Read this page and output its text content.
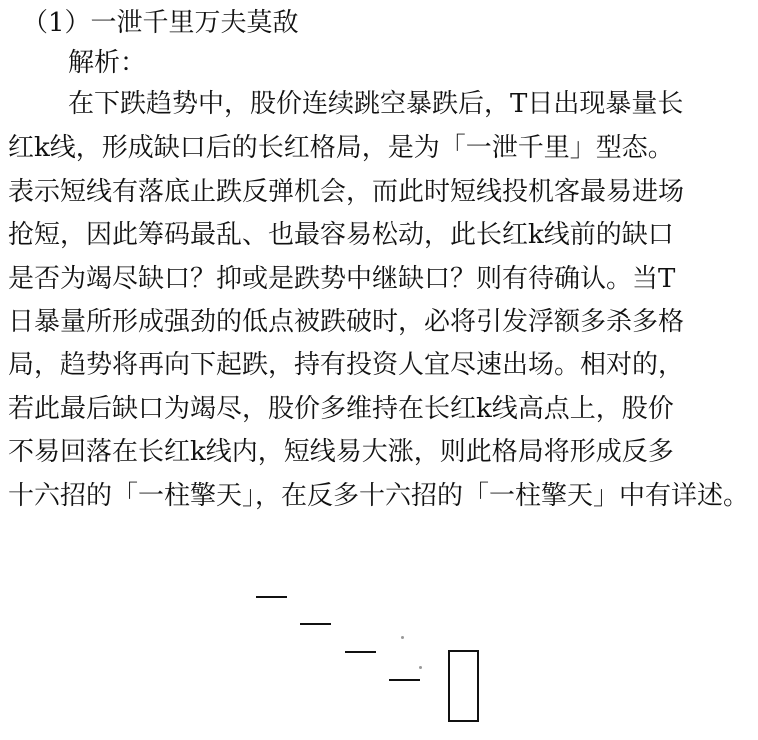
（1）一泄千里万夫莫敌
解析：
在下跌趋势中，股价连续跳空暴跌后，T日出现暴量长
红k线，形成缺口后的长红格局，是为「一泄千里」型态。
表示短线有落底止跌反弹机会，而此时短线投机客最易进场
抢短，因此筹码最乱、也最容易松动，此长红k线前的缺口
是否为竭尽缺口？抑或是跌势中继缺口？则有待确认。当T
日暴量所形成强劲的低点被跌破时，必将引发浮额多杀多格
局，趋势将再向下起跌，持有投资人宜尽速出场。相对的，
若此最后缺口为竭尽，股价多维持在长红k线高点上，股价
不易回落在长红k线内，短线易大涨，则此格局将形成反多
十六招的「一柱擎天」，在反多十六招的「一柱擎天」中有详述。
